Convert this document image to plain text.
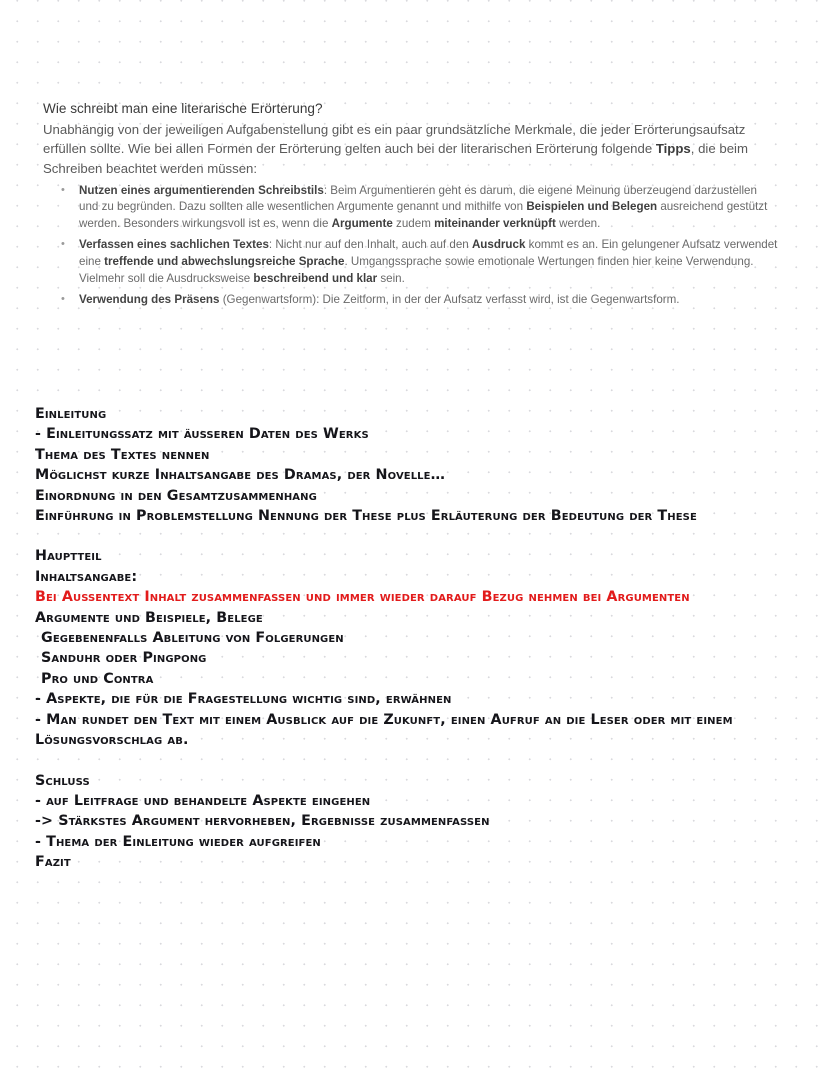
Wie schreibt man eine literarische Erörterung?
Unabhängig von der jeweiligen Aufgabenstellung gibt es ein paar grundsätzliche Merkmale, die jeder Erörterungsaufsatz erfüllen sollte. Wie bei allen Formen der Erörterung gelten auch bei der literarischen Erörterung folgende Tipps, die beim Schreiben beachtet werden müssen:
• Nutzen eines argumentierenden Schreibstils: Beim Argumentieren geht es darum, die eigene Meinung überzeugend darzustellen und zu begründen. Dazu sollten alle wesentlichen Argumente genannt und mithilfe von Beispielen und Belegen ausreichend gestützt werden. Besonders wirkungsvoll ist es, wenn die Argumente zudem miteinander verknüpft werden.
• Verfassen eines sachlichen Textes: Nicht nur auf den Inhalt, auch auf den Ausdruck kommt es an. Ein gelungener Aufsatz verwendet eine treffende und abwechslungsreiche Sprache. Umgangssprache sowie emotionale Wertungen finden hier keine Verwendung. Vielmehr soll die Ausdrucksweise beschreibend und klar sein.
• Verwendung des Präsens (Gegenwartsform): Die Zeitform, in der der Aufsatz verfasst wird, ist die Gegenwartsform.
Einleitung
- Einleitungssatz mit äußeren Daten des Werks
Thema des Textes nennen
Möglichst kurze Inhaltsangabe des Dramas, der Novelle…
Einordnung in den Gesamtzusammenhang
Einführung in Problemstellung Nennung der These plus Erläuterung der Bedeutung der These
Hauptteil
Inhaltsangabe:
Bei Außentext Inhalt zusammenfassen und immer wieder darauf Bezug nehmen bei Argumenten
Argumente und Beispiele, Belege
Gegebenenfalls Ableitung von Folgerungen
Sanduhr oder Pingpong
Pro und Contra
- Aspekte, die für die Fragestellung wichtig sind, erwähnen
- Man rundet den Text mit einem Ausblick auf die Zukunft, einen Aufruf an die Leser oder mit einem Lösungsvorschlag ab.
Schluss
- auf Leitfrage und behandelte Aspekte eingehen
-> Stärkstes Argument hervorheben, Ergebnisse zusammenfassen
- Thema der Einleitung wieder aufgreifen
Fazit
